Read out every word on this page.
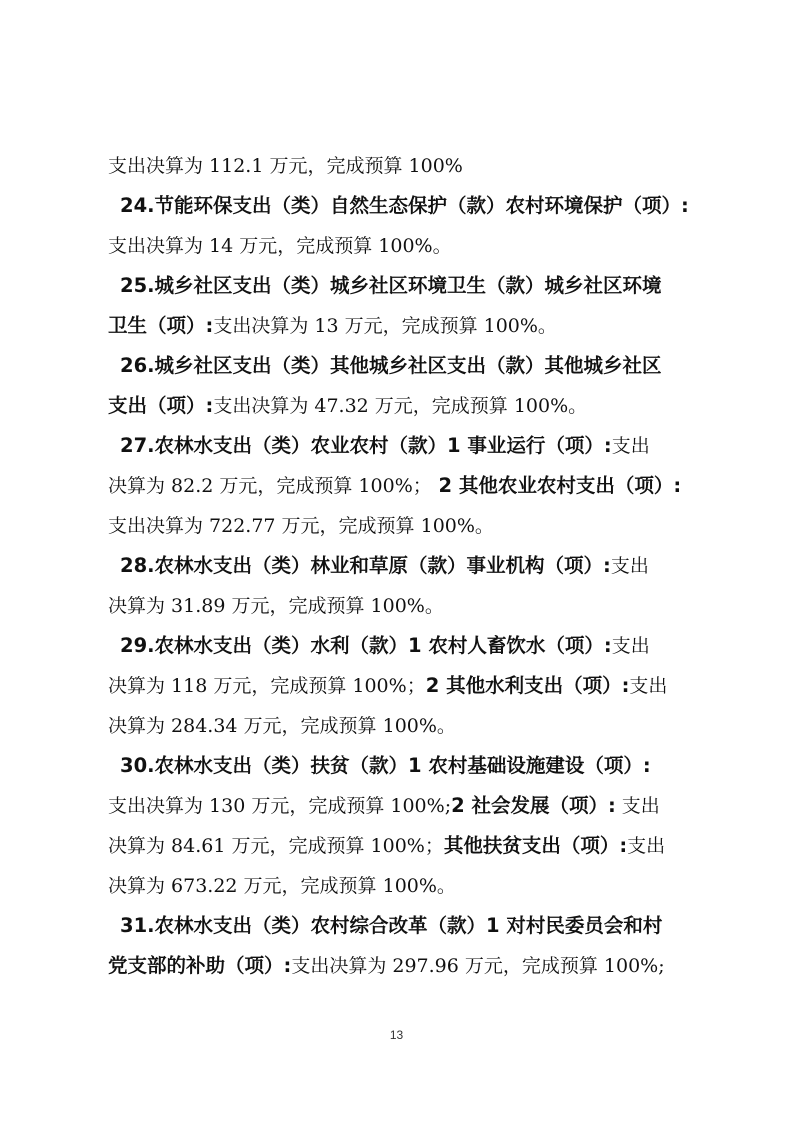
支出决算为 112.1 万元，完成预算 100%
24.节能环保支出（类）自然生态保护（款）农村环境保护（项）:
支出决算为 14 万元，完成预算 100%。
25.城乡社区支出（类）城乡社区环境卫生（款）城乡社区环境
卫生（项）:支出决算为 13 万元，完成预算 100%。
26.城乡社区支出（类）其他城乡社区支出（款）其他城乡社区
支出（项）:支出决算为 47.32 万元，完成预算 100%。
27.农林水支出（类）农业农村（款）1 事业运行（项）:支出
决算为 82.2 万元，完成预算 100%； 2 其他农业农村支出（项）:
支出决算为 722.77 万元，完成预算 100%。
28.农林水支出（类）林业和草原（款）事业机构（项）:支出
决算为 31.89 万元，完成预算 100%。
29.农林水支出（类）水利（款）1 农村人畜饮水（项）:支出
决算为 118 万元，完成预算 100%；2 其他水利支出（项）:支出
决算为 284.34 万元，完成预算 100%。
30.农林水支出（类）扶贫（款）1 农村基础设施建设（项）:
支出决算为 130 万元，完成预算 100%;2 社会发展（项）: 支出
决算为 84.61 万元，完成预算 100%；其他扶贫支出（项）:支出
决算为 673.22 万元，完成预算 100%。
31.农林水支出（类）农村综合改革（款）1 对村民委员会和村
党支部的补助（项）:支出决算为 297.96 万元，完成预算 100%;
13
